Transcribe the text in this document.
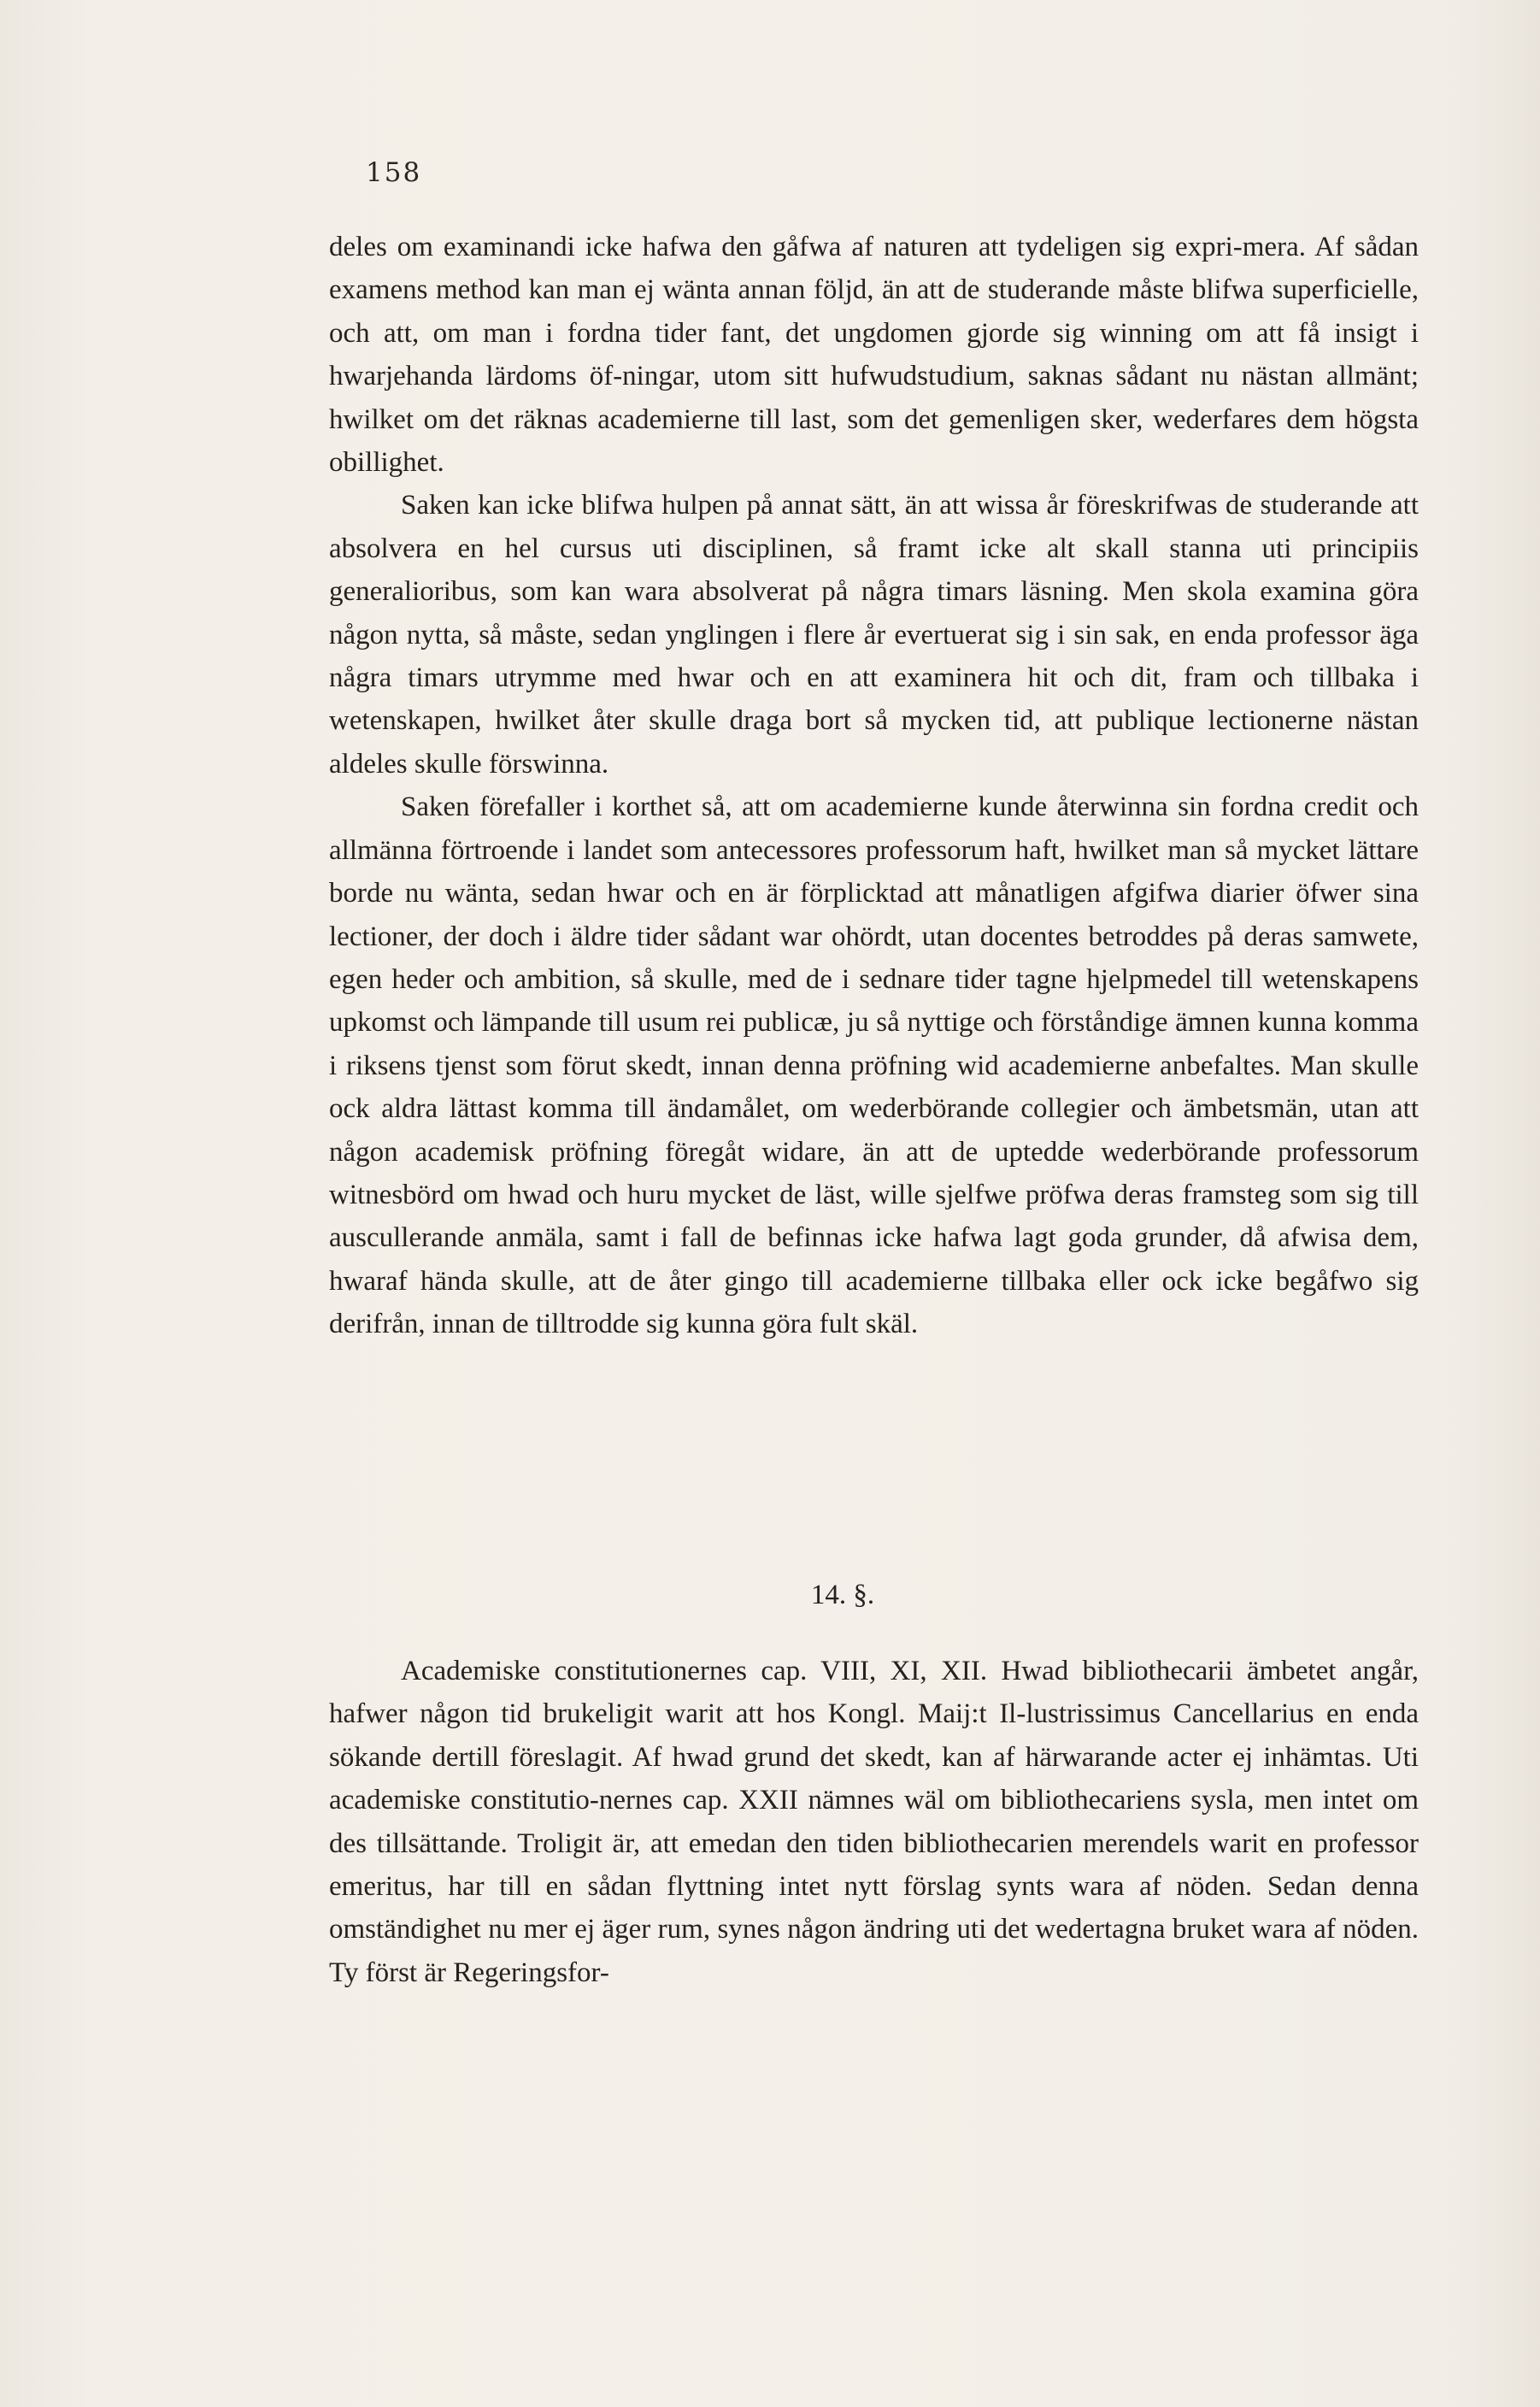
158

deles om examinandi icke hafwa den gåfwa af naturen att tydeligen sig expri-mera. Af sådan examens method kan man ej wänta annan följd, än att de studerande måste blifwa superficielle, och att, om man i fordna tider fant, det ungdomen gjorde sig winning om att få insigt i hwarjehanda lärdoms öf-ningar, utom sitt hufwudstudium, saknas sådant nu nästan allmänt; hwilket om det räknas academierne till last, som det gemenligen sker, wederfares dem högsta obillighet.

Saken kan icke blifwa hulpen på annat sätt, än att wissa år föreskrifwas de studerande att absolvera en hel cursus uti disciplinen, så framt icke alt skall stanna uti principiis generalioribus, som kan wara absolverat på några timars läsning. Men skola examina göra någon nytta, så måste, sedan ynglingen i flere år evertuerat sig i sin sak, en enda professor äga några timars utrymme med hwar och en att examinera hit och dit, fram och tillbaka i wetenskapen, hwilket åter skulle draga bort så mycken tid, att publique lectionerne nästan aldeles skulle förswinna.

Saken förefaller i korthet så, att om academierne kunde återwinna sin fordna credit och allmänna förtroende i landet som antecessores professorum haft, hwilket man så mycket lättare borde nu wänta, sedan hwar och en är förplicktad att månatligen afgifwa diarier öfwer sina lectioner, der doch i äldre tider sådant war ohördt, utan docentes betroddes på deras samwete, egen heder och ambition, så skulle, med de i sednare tider tagne hjelpmedel till wetenskapens upkomst och lämpande till usum rei publicæ, ju så nyttige och förståndige ämnen kunna komma i riksens tjenst som förut skedt, innan denna pröfning wid academierne anbefaltes. Man skulle ock aldra lättast komma till ändamålet, om wederbörande collegier och ämbetsmän, utan att någon academisk pröfning föregåt widare, än att de uptedde wederbörande professorum witnesbörd om hwad och huru mycket de läst, wille sjelfwe pröfwa deras framsteg som sig till auscullerande anmäla, samt i fall de befinnas icke hafwa lagt goda grunder, då afwisa dem, hwaraf hända skulle, att de åter gingo till academierne tillbaka eller ock icke begåfwo sig derifrån, innan de tilltrodde sig kunna göra fult skäl.

14. §.

Academiske constitutionernes cap. VIII, XI, XII. Hwad bibliothecarii ämbetet angår, hafwer någon tid brukeligit warit att hos Kongl. Maij:t Il-lustrissimus Cancellarius en enda sökande dertill föreslagit. Af hwad grund det skedt, kan af härwarande acter ej inhämtas. Uti academiske constitutio-nernes cap. XXII nämnes wäl om bibliothecariens sysla, men intet om des tillsättande. Troligit är, att emedan den tiden bibliothecarien merendels warit en professor emeritus, har till en sådan flyttning intet nytt förslag synts wara af nöden. Sedan denna omständighet nu mer ej äger rum, synes någon ändring uti det wedertagna bruket wara af nöden. Ty först är Regeringsfor-
